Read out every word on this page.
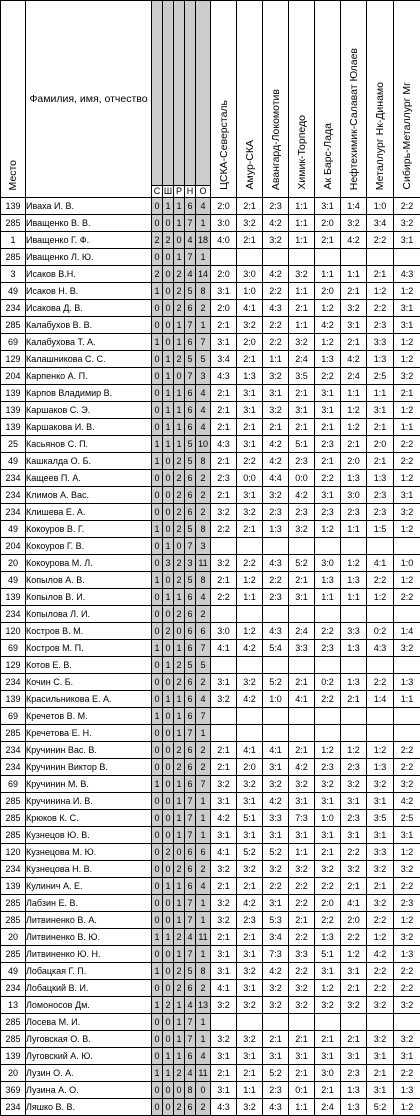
Место	Фамилия, имя, отчество						ЦСКА-Северсталь	Амур-СКА	Авангард-Локомотив	Химик-Торпедо	Ак Барс-Лада	Нефтехимик-Салават Юлаев	Металлург Нк-Динамо	Сибирь-Металлург Мг
		С	Ш	Р	Н	О								
139	Иваха И. В.	0	1	1	6	4	2:0	2:1	2:3	1:1	3:1	1:4	1:0	2:2
285	Иващенко В. В.	0	0	1	7	1	3:0	3:2	4:2	1:1	2:0	3:2	3:4	3:2
1	Иващенко Г. Ф.	2	2	0	4	18	4:0	2:1	3:2	1:1	2:1	4:2	2:2	3:1
285	Иващенко Л. Ю.	0	0	1	7	1								
3	Исаков В.Н.	2	0	2	4	14	2:0	3:0	4:2	3:2	1:1	1:1	2:1	4:3
49	Исаков Н. В.	1	0	2	5	8	3:1	1:0	2:2	1:1	2:0	2:1	1:2	1:2
234	Исакова Д. В.	0	0	2	6	2	2:0	4:1	4:3	2:1	1:2	3:2	2:2	3:1
285	Калабухов В. В.	0	0	1	7	1	2:1	3:2	2:2	1:1	4:2	3:1	2:3	3:1
69	Калабухова Т. А.	1	0	1	6	7	3:1	2:0	2:2	3:2	1:2	2:1	3:3	1:2
129	Калашникова С. С.	0	1	2	5	5	3:4	2:1	1:1	2:4	1:3	4:2	1:3	1:2
204	Карпенко А. П.	0	1	0	7	3	4:3	1:3	3:2	3:5	2:2	2:4	2:5	3:2
139	Карпов Владимир В.	0	1	1	6	4	2:1	3:1	3:1	2:1	3:1	1:1	1:1	2:1
139	Каршаков С. Э.	0	1	1	6	4	2:1	3:1	3:2	3:1	3:1	1:2	3:1	1:2
139	Каршакова И. В.	0	1	1	6	4	2:1	2:1	2:1	2:1	2:1	1:2	2:1	1:1
25	Касьянов С. П.	1	1	1	5	10	4:3	3:1	4:2	5:1	2:3	2:1	2:0	2:2
49	Кашкалда О. Б.	1	0	2	5	8	2:1	2:2	4:2	2:3	2:1	2:0	2:1	2:2
234	Кащеев П. А.	0	0	2	6	2	2:3	0:0	4:4	0:0	2:2	1:3	1:3	1:2
234	Климов А. Вас.	0	0	2	6	2	2:1	3:1	3:2	4:2	3:1	3:0	2:3	3:1
234	Клишева Е. А.	0	0	2	6	2	3:2	3:2	2:3	2:3	2:3	2:3	2:3	3:2
49	Кокоуров В. Г.	1	0	2	5	8	2:2	2:1	1:3	3:2	1:2	1:1	1:5	1:2
204	Кокоуров Г. В.	0	1	0	7	3								
20	Кокоурова М. Л.	0	3	2	3	11	3:2	2:2	4:3	5:2	3:0	1:2	4:1	1:0
49	Копылов А. В.	1	0	2	5	8	2:1	1:2	2:2	2:1	1:3	1:3	2:2	1:2
139	Копылов В. И.	0	1	1	6	4	2:2	1:1	2:3	3:1	1:1	1:1	1:2	2:2
234	Копылова Л. И.	0	0	2	6	2								
120	Костров В. М.	0	2	0	6	6	3:0	1:2	4:3	2:4	2:2	3:3	0:2	1:4
69	Костров М. П.	1	0	1	6	7	4:1	4:2	5:4	3:3	2:3	1:3	4:3	3:2
129	Котов Е. В.	0	1	2	5	5								
234	Кочин С. Б.	0	0	2	6	2	3:1	3:2	5:2	2:1	0:2	1:3	2:2	1:3
139	Красильникова Е. А.	0	1	1	6	4	3:2	4:2	1:0	4:1	2:2	2:1	1:4	1:1
69	Кречетов В. М.	1	0	1	6	7								
285	Кречетова Е. Н.	0	0	1	7	1								
234	Кручинин Вас. В.	0	0	2	6	2	2:1	4:1	4:1	2:1	1:2	1:2	1:2	2:2
234	Кручинин Виктор В.	0	0	2	6	2	2:1	2:0	3:1	4:2	2:3	2:3	1:3	2:2
69	Кручинин М. В.	1	0	1	6	7	3:2	3:2	3:2	3:2	3:2	3:2	3:2	3:2
285	Кручинина И. В.	0	0	1	7	1	3:1	3:1	4:2	3:1	3:1	3:1	3:1	4:2
285	Крюков К. С.	0	0	1	7	1	4:2	5:1	3:3	7:3	1:0	2:3	3:5	2:5
285	Кузнецов Ю. В.	0	0	1	7	1	3:1	3:1	3:1	3:1	3:1	3:1	3:1	3:1
120	Кузнецова М. Ю.	0	2	0	6	6	4:1	5:2	5:2	1:1	2:1	2:2	3:3	1:2
234	Кузнецова Н. В.	0	0	2	6	2	3:2	3:2	3:2	3:2	3:2	3:2	3:2	3:2
139	Кулинич А. Е.	0	1	1	6	4	2:1	2:1	2:2	2:2	2:2	2:1	2:1	2:2
285	Лабзин Е. В.	0	0	1	7	1	3:2	4:2	3:1	2:2	2:0	4:1	3:2	2:3
285	Литвиненко В. А.	0	0	1	7	1	3:2	2:3	5:3	2:1	2:2	2:0	2:2	1:2
20	Литвиненко В. Ю.	1	1	2	4	11	2:1	2:1	3:4	2:2	1:3	2:2	1:2	3:2
285	Литвиненко Ю. Н.	0	0	1	7	1	3:1	3:1	7:3	3:3	5:1	1:2	4:2	1:3
49	Лобацкая Г. П.	1	0	2	5	8	3:1	3:2	4:2	2:2	3:1	3:1	2:2	2:2
234	Лобацкий В. И.	0	0	2	6	2	4:1	3:1	3:2	3:2	1:2	2:1	2:2	2:2
13	Ломоносов Дм.	1	2	1	4	13	3:2	3:2	3:2	3:2	3:2	3:2	3:2	3:2
285	Лосева М. И.	0	0	1	7	1								
285	Луговская О. В.	0	0	1	7	1	3:2	3:2	2:1	2:1	2:1	2:1	3:2	3:2
139	Луговский А. Ю.	0	1	1	6	4	3:1	3:1	3:1	3:1	3:1	3:1	3:1	3:1
20	Лузин О. А.	1	1	2	4	11	2:1	2:1	5:2	2:1	3:0	2:3	2:1	2:2
369	Лузина А. О.	0	0	0	8	0	3:1	1:1	2:3	0:1	2:1	1:3	3:1	1:3
234	Ляшко В. В.	0	0	2	6	2	4:3	3:2	4:3	1:1	2:4	1:3	5:2	1:2
